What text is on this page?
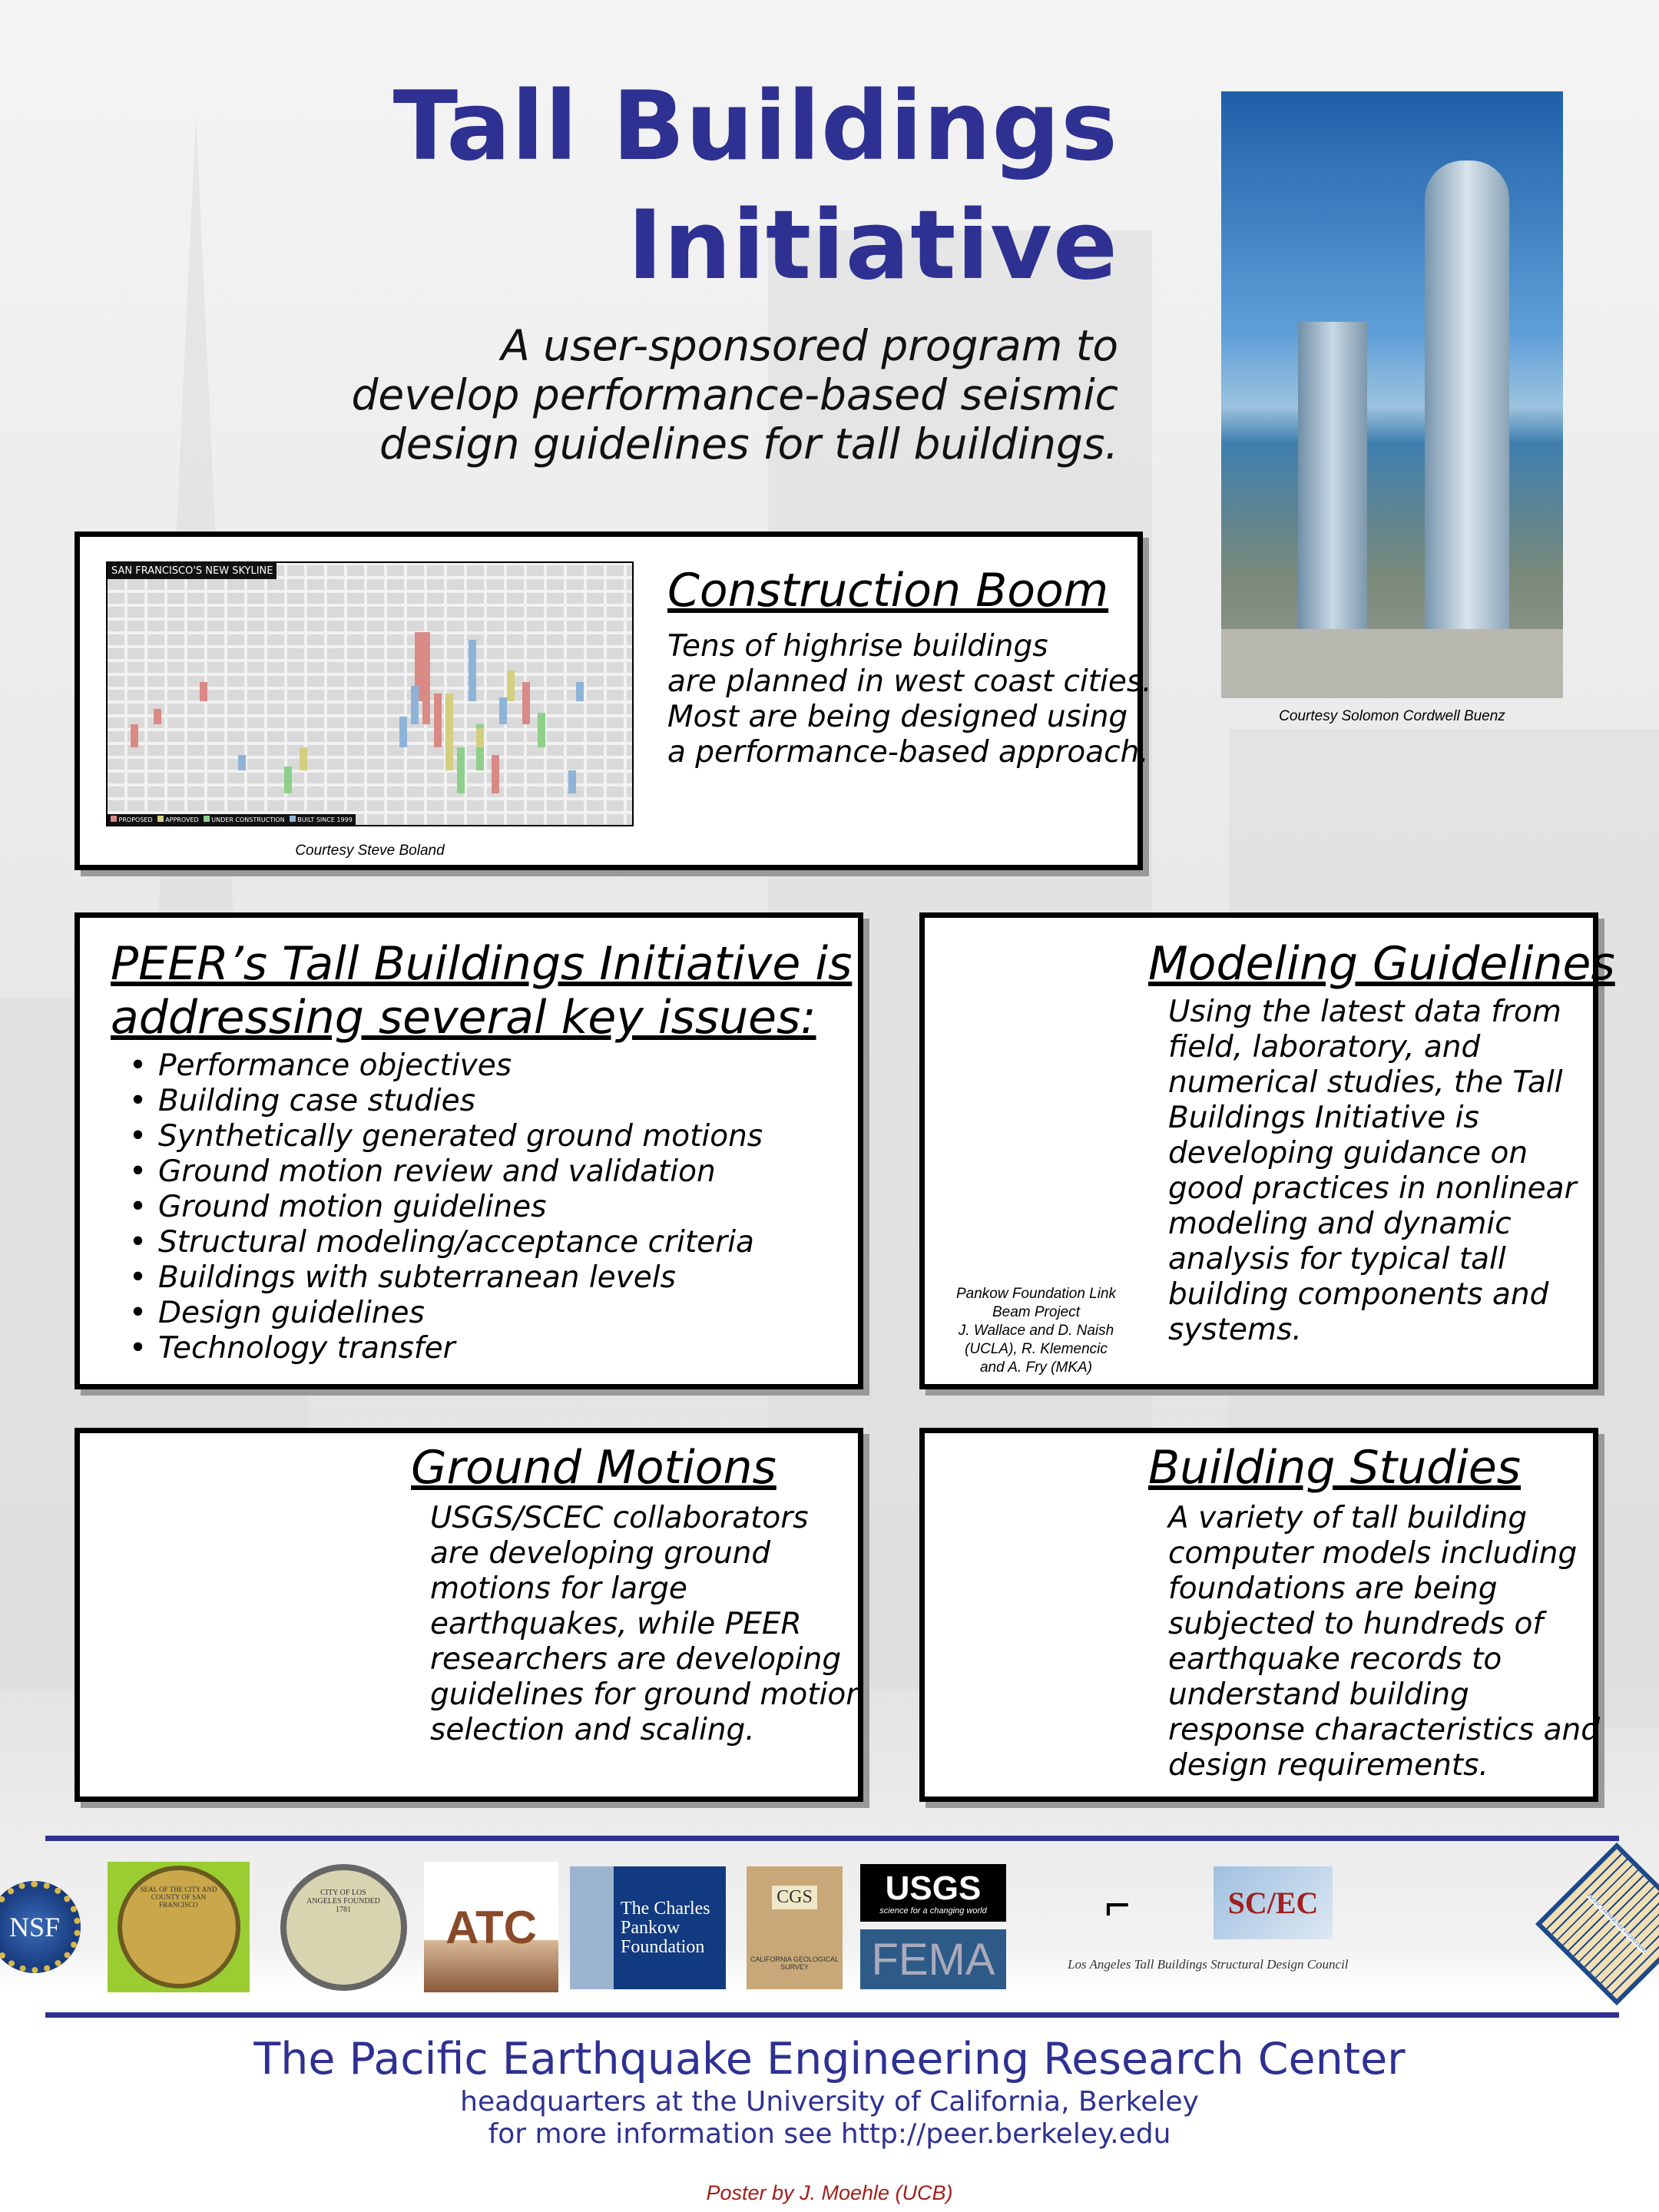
Tall Buildings
Initiative
A user-sponsored program to
develop performance-based seismic
design guidelines for tall buildings.
Courtesy Solomon Cordwell Buenz
SAN FRANCISCO'S NEW SKYLINE
PROPOSED	APPROVED	UNDER CONSTRUCTION	BUILT SINCE 1999
Courtesy Steve Boland
Construction Boom
Tens of highrise buildings
are planned in west coast cities.
Most are being designed using
a performance-based approach.
PEER’s Tall Buildings Initiative is
addressing several key issues:
• Performance objectives
• Building case studies
• Synthetically generated ground motions
• Ground motion review and validation
• Ground motion guidelines
• Structural modeling/acceptance criteria
• Buildings with subterranean levels
• Design guidelines
• Technology transfer
Modeling Guidelines
Using the latest data from
field, laboratory, and
numerical studies, the Tall
Buildings Initiative is
developing guidance on
good practices in nonlinear
modeling and dynamic
analysis for typical tall
building components and
systems.
Pankow Foundation Link
Beam Project
J. Wallace and D. Naish
(UCLA), R. Klemencic
and A. Fry (MKA)
Ground Motions
USGS/SCEC collaborators
are developing ground
motions for large
earthquakes, while PEER
researchers are developing
guidelines for ground motion
selection and scaling.
Building Studies
A variety of tall building
computer models including
foundations are being
subjected to hundreds of
earthquake records to
understand building
response characteristics and
design requirements.
NSF
SEAL OF THE CITY AND COUNTY OF SAN FRANCISCO
CITY OF LOS ANGELES FOUNDED 1781	ATC	The Charles Pankow Foundation
CGS
CALIFORNIA GEOLOGICAL SURVEY
USGS
science for a changing world
FEMA
⌐
Los Angeles Tall Buildings Structural Design Council
SC/EC	PACIFIC EARTHQUAKE ENGINEERING
The Pacific Earthquake Engineering Research Center
headquarters at the University of California, Berkeley
for more information see http://peer.berkeley.edu
Poster by J. Moehle (UCB)
